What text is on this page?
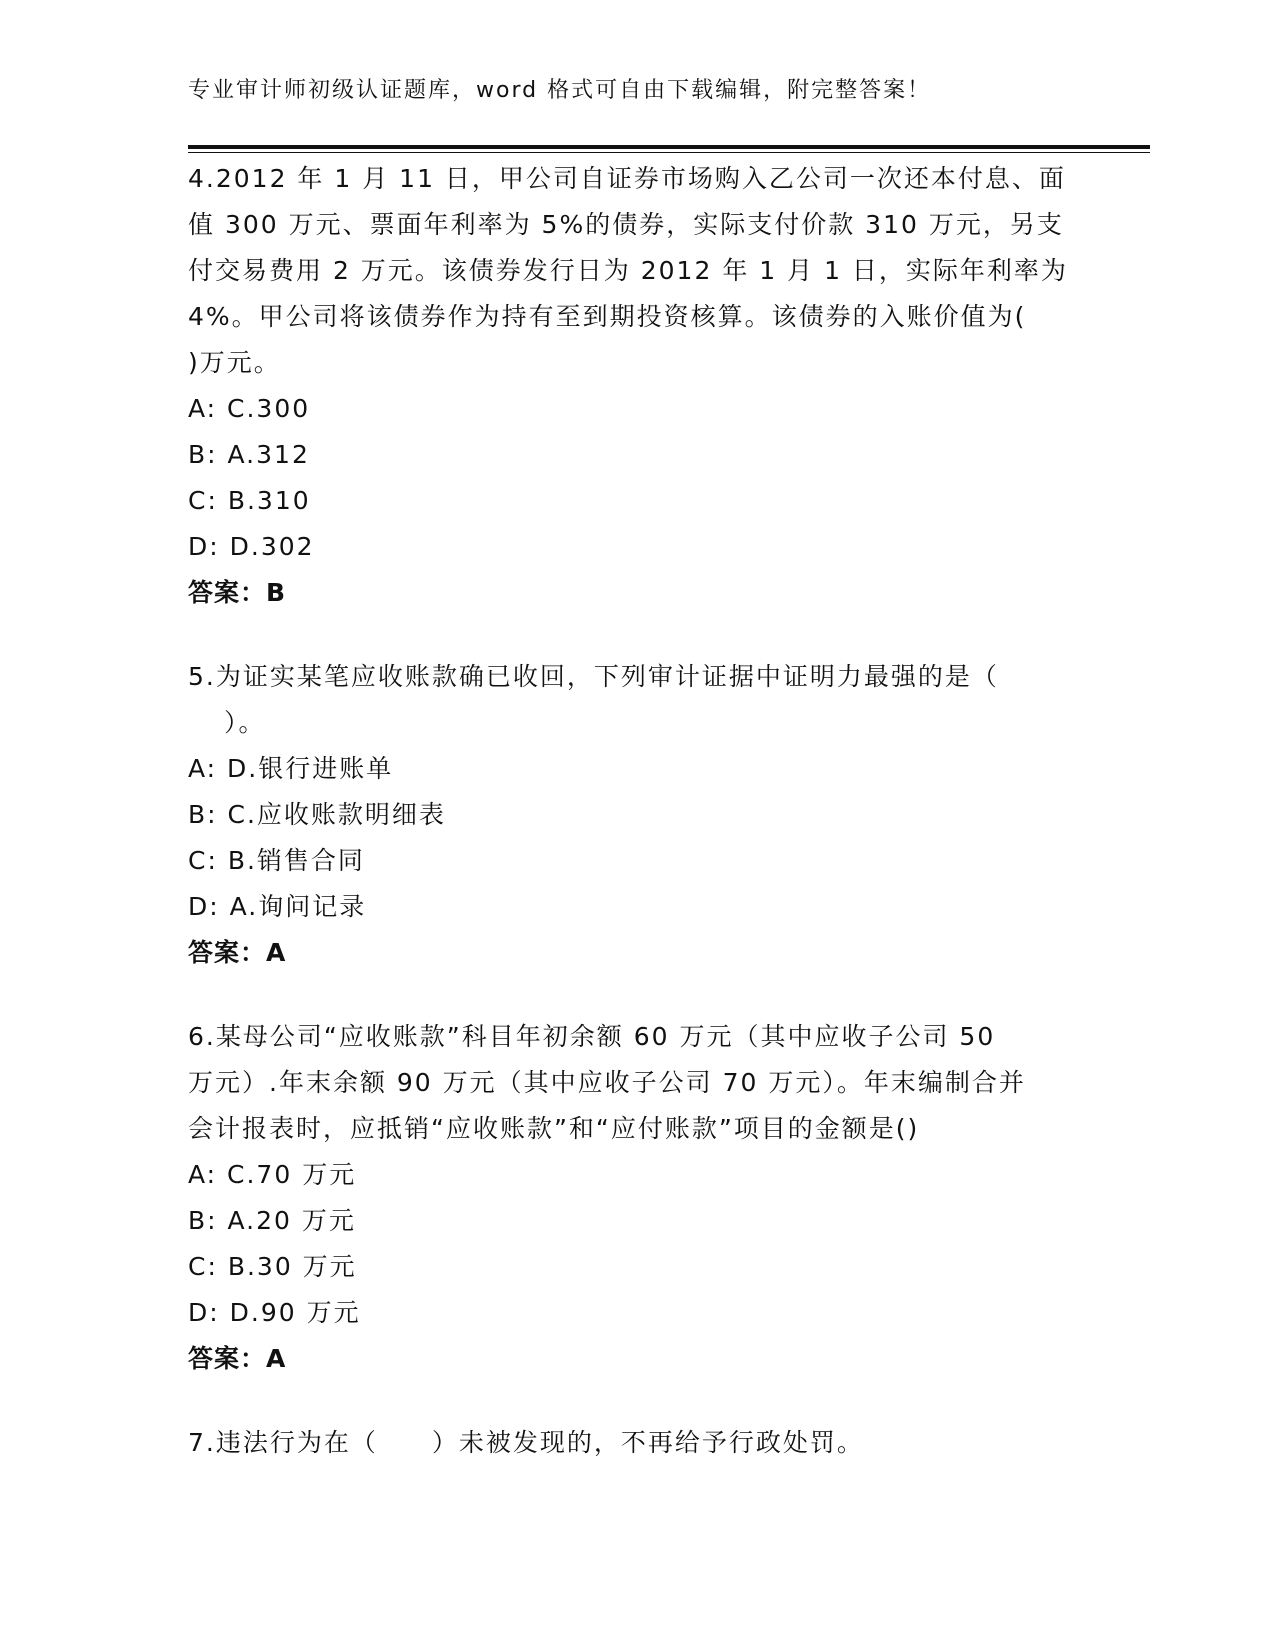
专业审计师初级认证题库，word 格式可自由下载编辑，附完整答案！

4.2012 年 1 月 11 日，甲公司自证券市场购入乙公司一次还本付息、面

值 300 万元、票面年利率为 5%的债券，实际支付价款 310 万元，另支

付交易费用 2 万元。该债券发行日为 2012 年 1 月 1 日，实际年利率为

4%。甲公司将该债券作为持有至到期投资核算。该债券的入账价值为(

)万元。

A: C.300

B: A.312

C: B.310

D: D.302

答案：B

5.为证实某笔应收账款确已收回，下列审计证据中证明力最强的是（

）。

A: D.银行进账单

B: C.应收账款明细表

C: B.销售合同

D: A.询问记录

答案：A

6.某母公司“应收账款”科目年初余额 60 万元（其中应收子公司 50

万元）.年末余额 90 万元（其中应收子公司 70 万元）。年末编制合并

会计报表时，应抵销“应收账款”和“应付账款”项目的金额是()

A: C.70 万元

B: A.20 万元

C: B.30 万元

D: D.90 万元

答案：A

7.违法行为在（　　）未被发现的，不再给予行政处罚。
